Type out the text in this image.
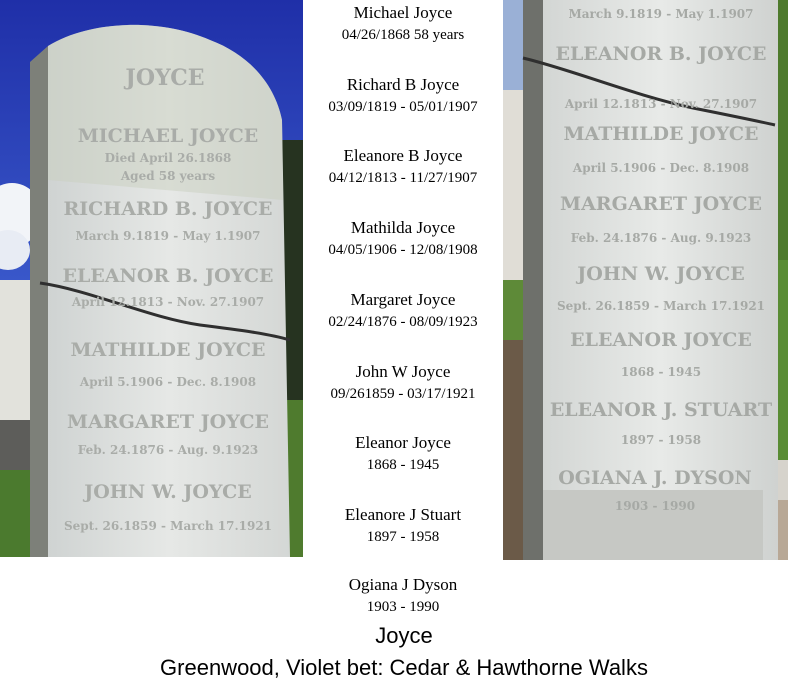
JOYCE
MICHAEL JOYCE
Died April 26.1868
Aged 58 years
RICHARD B. JOYCE
March 9.1819 - May 1.1907
ELEANOR B. JOYCE
April 12.1813 - Nov. 27.1907
MATHILDE JOYCE
April 5.1906 - Dec. 8.1908
MARGARET JOYCE
Feb. 24.1876 - Aug. 9.1923
JOHN W. JOYCE
Sept. 26.1859 - March 17.1921
Michael Joyce
04/26/1868 58 years
Richard B Joyce
03/09/1819 - 05/01/1907
Eleanore B Joyce
04/12/1813 - 11/27/1907
Mathilda Joyce
04/05/1906 - 12/08/1908
Margaret Joyce
02/24/1876 - 08/09/1923
John W Joyce
09/261859 - 03/17/1921
Eleanor Joyce
1868 - 1945
Eleanore J Stuart
1897 - 1958
Ogiana J Dyson
1903 - 1990
March 9.1819 - May 1.1907
ELEANOR B. JOYCE
April 12.1813 - Nov. 27.1907
MATHILDE JOYCE
April 5.1906 - Dec. 8.1908
MARGARET JOYCE
Feb. 24.1876 - Aug. 9.1923
JOHN W. JOYCE
Sept. 26.1859 - March 17.1921
ELEANOR JOYCE
1868 - 1945
ELEANOR J. STUART
1897 - 1958
OGIANA J. DYSON
1903 - 1990
Joyce
Greenwood, Violet bet: Cedar & Hawthorne Walks
